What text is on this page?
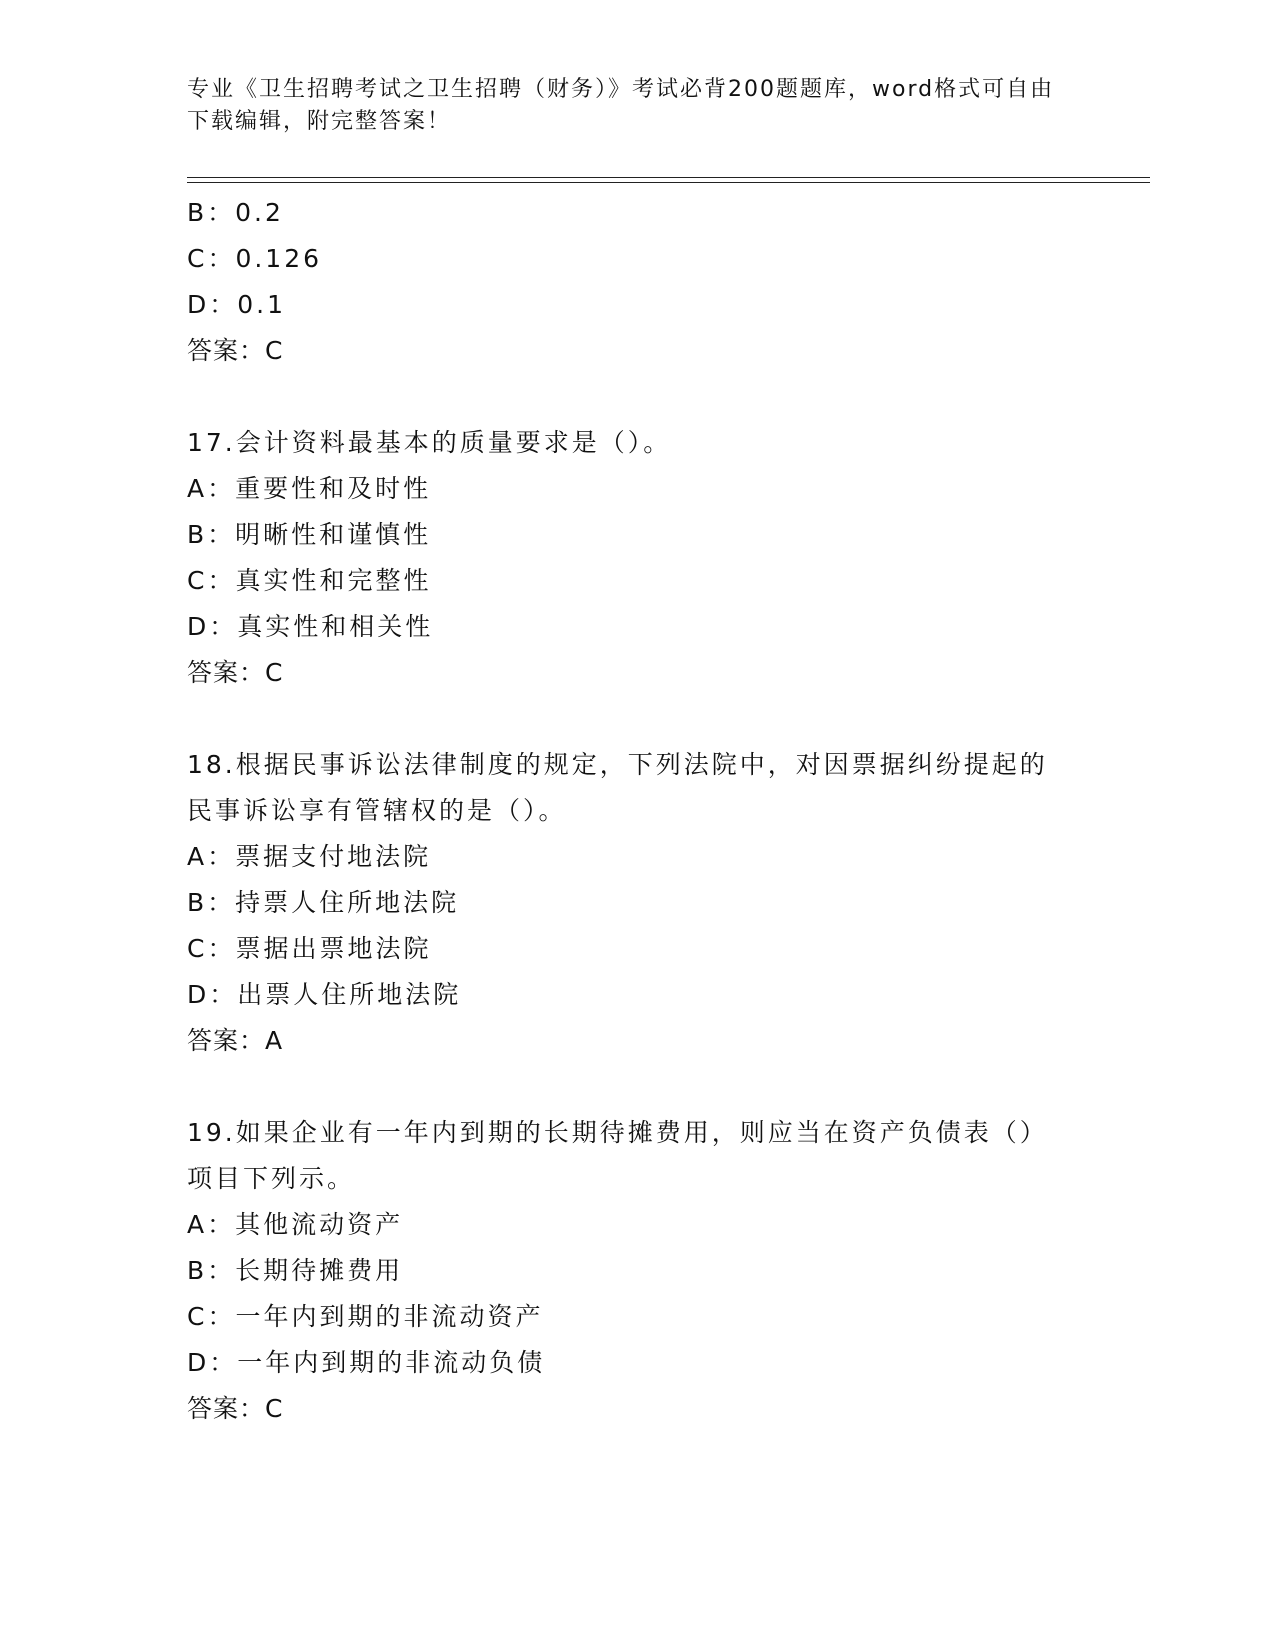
专业《卫生招聘考试之卫生招聘（财务）》考试必背200题题库，word格式可自由下载编辑，附完整答案！
B：0.2
C：0.126
D：0.1
答案：C
17.会计资料最基本的质量要求是（）。
A：重要性和及时性
B：明晰性和谨慎性
C：真实性和完整性
D：真实性和相关性
答案：C
18.根据民事诉讼法律制度的规定，下列法院中，对因票据纠纷提起的民事诉讼享有管辖权的是（）。
A：票据支付地法院
B：持票人住所地法院
C：票据出票地法院
D：出票人住所地法院
答案：A
19.如果企业有一年内到期的长期待摊费用，则应当在资产负债表（）项目下列示。
A：其他流动资产
B：长期待摊费用
C：一年内到期的非流动资产
D：一年内到期的非流动负债
答案：C
